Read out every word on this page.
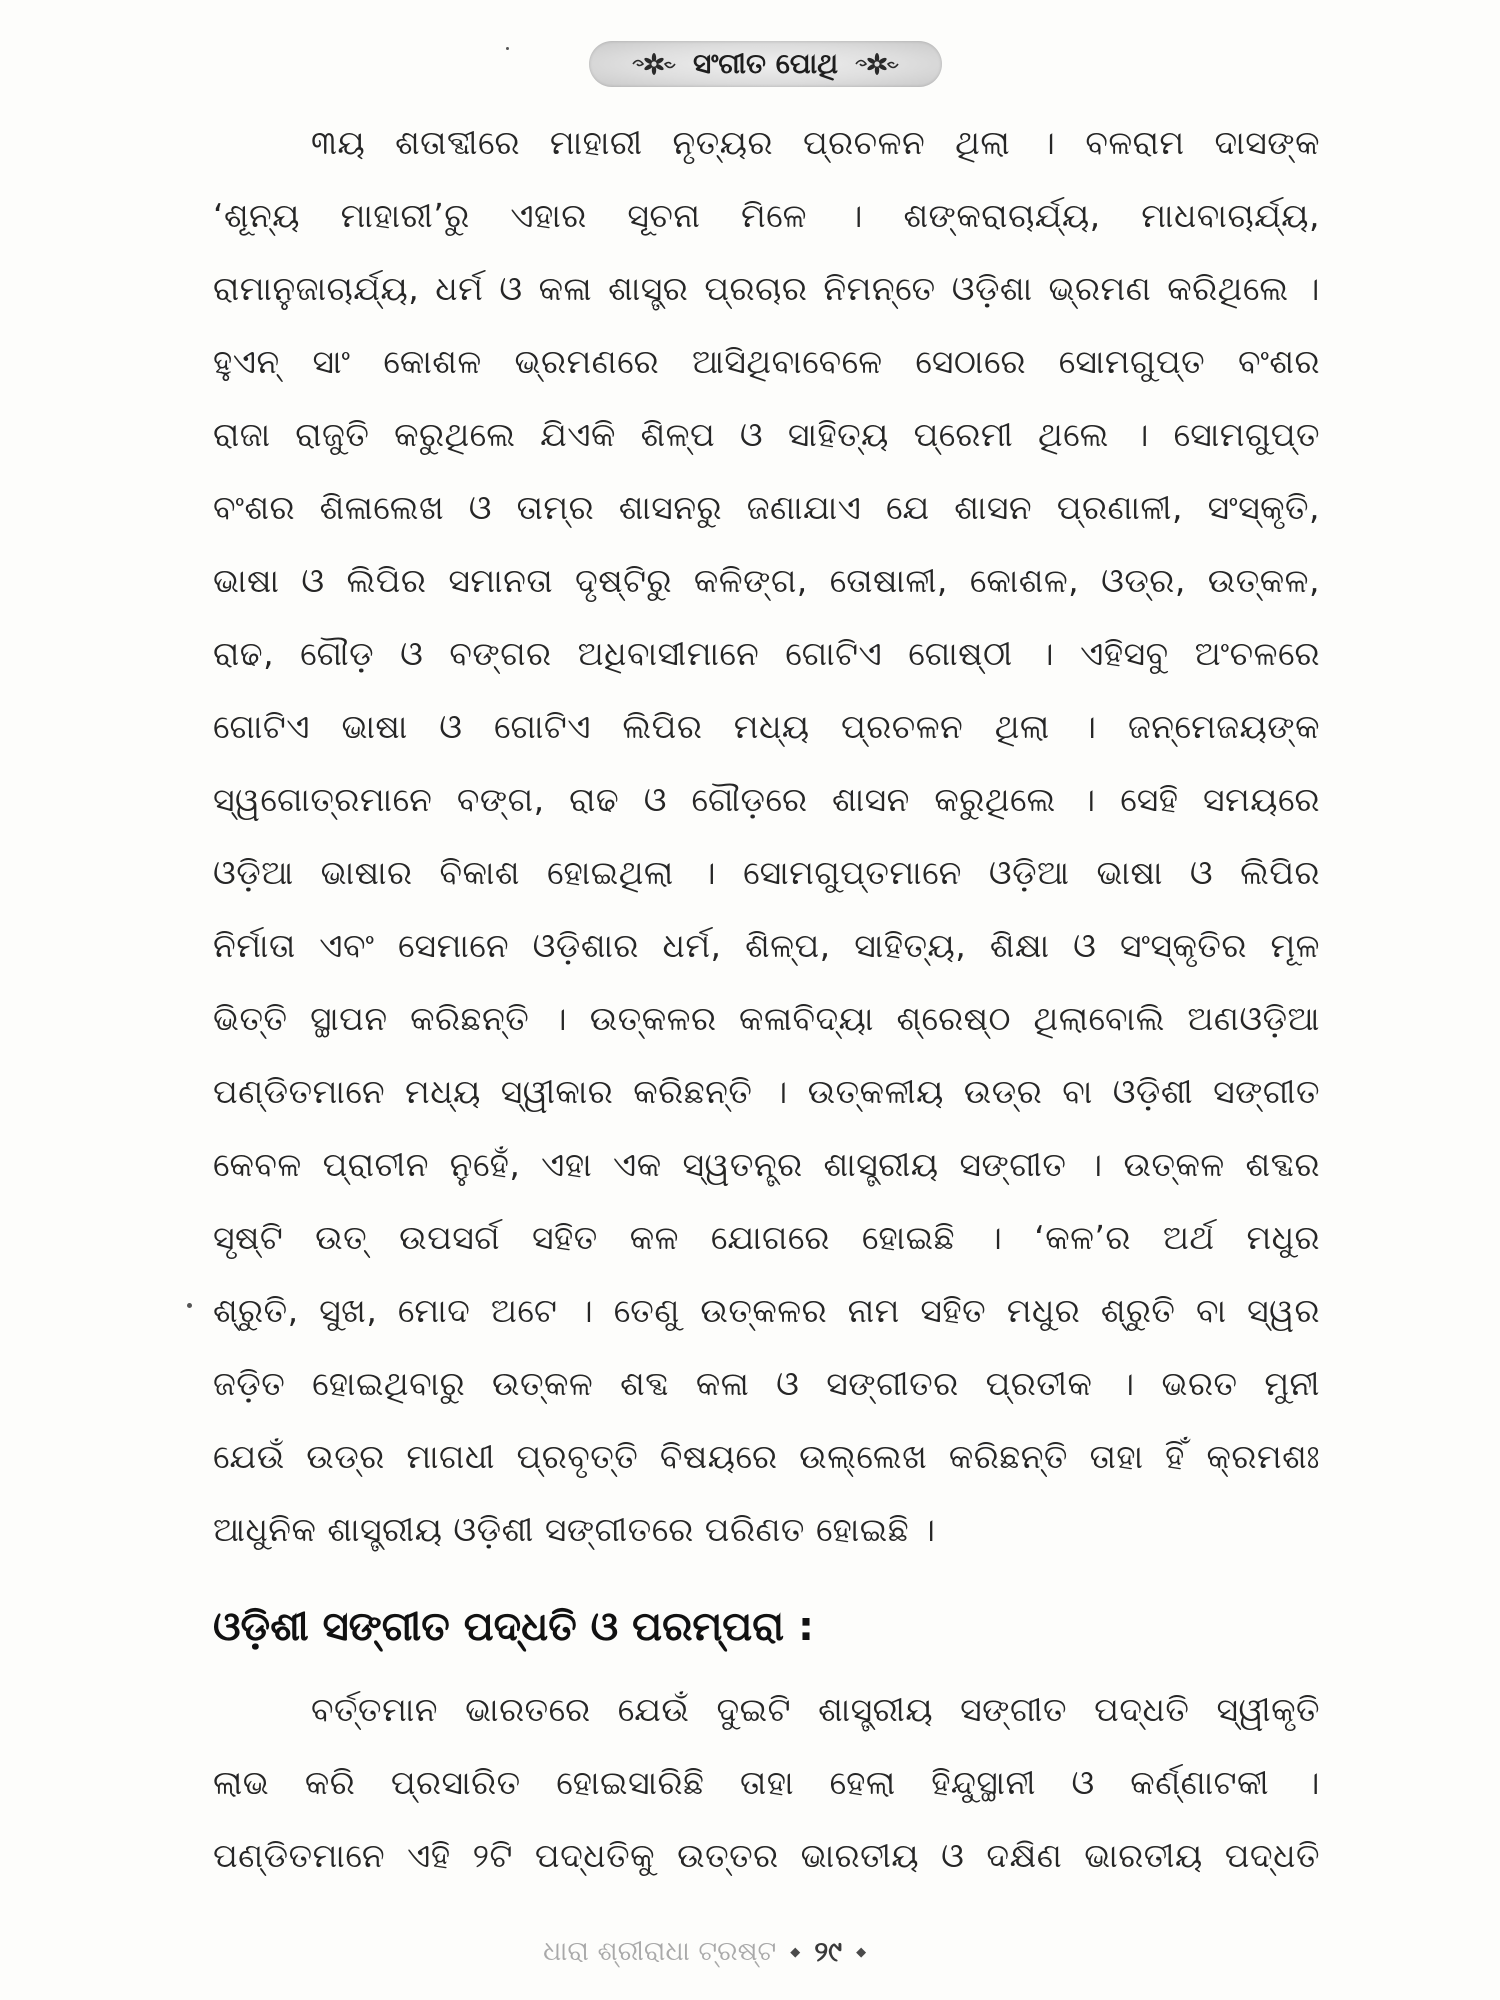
ସଂଗୀତ ପୋଥି
୩ୟ ଶତାବ୍ଦୀରେ ମାହାରୀ ନୃତ୍ୟର ପ୍ରଚଳନ ଥିଲା । ବଳରାମ ଦାସଙ୍କ
‘ଶୂନ୍ୟ ମାହାରୀ’ରୁ ଏହାର ସୂଚନା ମିଳେ । ଶଙ୍କରାଚାର୍ଯ୍ୟ, ମାଧବାଚାର୍ଯ୍ୟ,
ରାମାନୁଜାଚାର୍ଯ୍ୟ, ଧର୍ମ ଓ କଳା ଶାସ୍ତ୍ର ପ୍ରଚାର ନିମନ୍ତେ ଓଡ଼ିଶା ଭ୍ରମଣ କରିଥିଲେ ।
ହୁଏନ୍ ସାଂ କୋଶଳ ଭ୍ରମଣରେ ଆସିଥିବାବେଳେ ସେଠାରେ ସୋମଗୁପ୍ତ ବଂଶର
ରାଜା ରାଜୁତି କରୁଥିଲେ ଯିଏକି ଶିଳ୍ପ ଓ ସାହିତ୍ୟ ପ୍ରେମୀ ଥିଲେ । ସୋମଗୁପ୍ତ
ବଂଶର ଶିଳାଲେଖ ଓ ତାମ୍ର ଶାସନରୁ ଜଣାଯାଏ ଯେ ଶାସନ ପ୍ରଣାଳୀ, ସଂସ୍କୃତି,
ଭାଷା ଓ ଲିପିର ସମାନତା ଦୃଷ୍ଟିରୁ କଳିଙ୍ଗ, ତୋଷାଳୀ, କୋଶଳ, ଓଡ୍ର, ଉତ୍କଳ,
ରାଢ, ଗୌଡ଼ ଓ ବଙ୍ଗର ଅଧିବାସୀମାନେ ଗୋଟିଏ ଗୋଷ୍ଠୀ । ଏହିସବୁ ଅଂଚଳରେ
ଗୋଟିଏ ଭାଷା ଓ ଗୋଟିଏ ଲିପିର ମଧ୍ୟ ପ୍ରଚଳନ ଥିଲା । ଜନ୍ମେଜୟଙ୍କ
ସ୍ୱଗୋତ୍ରମାନେ ବଙ୍ଗ, ରାଢ ଓ ଗୌଡ଼ରେ ଶାସନ କରୁଥିଲେ । ସେହି ସମୟରେ
ଓଡ଼ିଆ ଭାଷାର ବିକାଶ ହୋଇଥିଲା । ସୋମଗୁପ୍ତମାନେ ଓଡ଼ିଆ ଭାଷା ଓ ଲିପିର
ନିର୍ମାତା ଏବଂ ସେମାନେ ଓଡ଼ିଶାର ଧର୍ମ, ଶିଳ୍ପ, ସାହିତ୍ୟ, ଶିକ୍ଷା ଓ ସଂସ୍କୃତିର ମୂଳ
ଭିତ୍ତି ସ୍ଥାପନ କରିଛନ୍ତି । ଉତ୍କଳର କଳାବିଦ୍ୟା ଶ୍ରେଷ୍ଠ ଥିଲାବୋଲି ଅଣଓଡ଼ିଆ
ପଣ୍ଡିତମାନେ ମଧ୍ୟ ସ୍ୱୀକାର କରିଛନ୍ତି । ଉତ୍କଳୀୟ ଉଡ୍ର ବା ଓଡ଼ିଶୀ ସଙ୍ଗୀତ
କେବଳ ପ୍ରାଚୀନ ନୁହେଁ, ଏହା ଏକ ସ୍ୱତନ୍ତ୍ର ଶାସ୍ତ୍ରୀୟ ସଙ୍ଗୀତ । ଉତ୍କଳ ଶବ୍ଦର
ସୃଷ୍ଟି ଉତ୍ ଉପସର୍ଗ ସହିତ କଳ ଯୋଗରେ ହୋଇଛି । ‘କଳ’ର ଅର୍ଥ ମଧୁର
ଶ୍ରୁତି, ସୁଖ, ମୋଦ ଅଟେ । ତେଣୁ ଉତ୍କଳର ନାମ ସହିତ ମଧୁର ଶ୍ରୁତି ବା ସ୍ୱର
ଜଡ଼ିତ ହୋଇଥିବାରୁ ଉତ୍କଳ ଶବ୍ଦ କଳା ଓ ସଙ୍ଗୀତର ପ୍ରତୀକ । ଭରତ ମୁନୀ
ଯେଉଁ ଉଡ୍ର ମାଗଧୀ ପ୍ରବୃତ୍ତି ବିଷୟରେ ଉଲ୍ଲେଖ କରିଛନ୍ତି ତାହା ହିଁ କ୍ରମଶଃ
ଆଧୁନିକ ଶାସ୍ତ୍ରୀୟ ଓଡ଼ିଶୀ ସଙ୍ଗୀତରେ ପରିଣତ ହୋଇଛି ।
ଓଡ଼ିଶୀ ସଙ୍ଗୀତ ପଦ୍ଧତି ଓ ପରମ୍ପରା :
ବର୍ତ୍ତମାନ ଭାରତରେ ଯେଉଁ ଦୁଇଟି ଶାସ୍ତ୍ରୀୟ ସଙ୍ଗୀତ ପଦ୍ଧତି ସ୍ୱୀକୃତି
ଲାଭ କରି ପ୍ରସାରିତ ହୋଇସାରିଛି ତାହା ହେଲା ହିନ୍ଦୁସ୍ଥାନୀ ଓ କର୍ଣ୍ଣାଟକୀ ।
ପଣ୍ଡିତମାନେ ଏହି ୨ଟି ପଦ୍ଧତିକୁ ଉତ୍ତର ଭାରତୀୟ ଓ ଦକ୍ଷିଣ ଭାରତୀୟ ପଦ୍ଧତି
ଧାରା ଶ୍ରୀରାଧା ଟ୍ରଷ୍ଟ ◆ ୨୯ ◆
